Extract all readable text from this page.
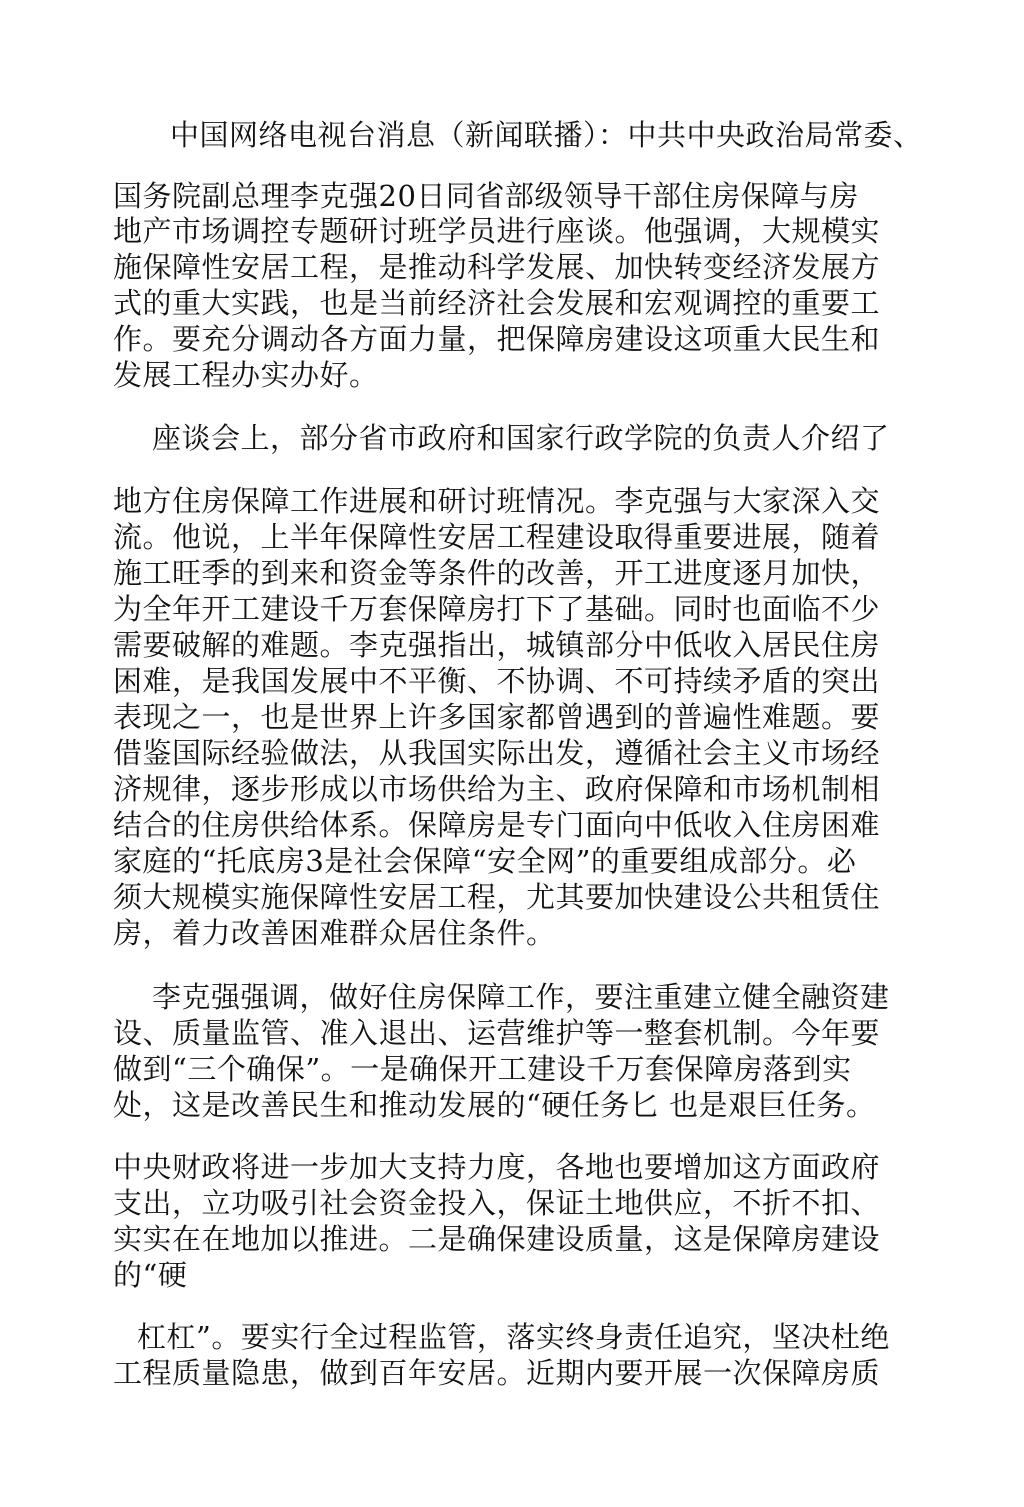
中国网络电视台消息（新闻联播）：中共中央政治局常委、
国务院副总理李克强20日同省部级领导干部住房保障与房
地产市场调控专题研讨班学员进行座谈。他强调，大规模实
施保障性安居工程，是推动科学发展、加快转变经济发展方
式的重大实践，也是当前经济社会发展和宏观调控的重要工
作。要充分调动各方面力量，把保障房建设这项重大民生和
发展工程办实办好。
座谈会上，部分省市政府和国家行政学院的负责人介绍了
地方住房保障工作进展和研讨班情况。李克强与大家深入交
流。他说，上半年保障性安居工程建设取得重要进展，随着
施工旺季的到来和资金等条件的改善，开工进度逐月加快，
为全年开工建设千万套保障房打下了基础。同时也面临不少
需要破解的难题。李克强指出，城镇部分中低收入居民住房
困难，是我国发展中不平衡、不协调、不可持续矛盾的突出
表现之一，也是世界上许多国家都曾遇到的普遍性难题。要
借鉴国际经验做法，从我国实际出发，遵循社会主义市场经
济规律，逐步形成以市场供给为主、政府保障和市场机制相
结合的住房供给体系。保障房是专门面向中低收入住房困难
家庭的“托底房3是社会保障“安全网”的重要组成部分。必
须大规模实施保障性安居工程，尤其要加快建设公共租赁住
房，着力改善困难群众居住条件。
李克强强调，做好住房保障工作，要注重建立健全融资建
设、质量监管、准入退出、运营维护等一整套机制。今年要
做到“三个确保”。一是确保开工建设千万套保障房落到实
处，这是改善民生和推动发展的“硬任务匕 也是艰巨任务。
中央财政将进一步加大支持力度，各地也要增加这方面政府
支出，立功吸引社会资金投入，保证土地供应，不折不扣、
实实在在地加以推进。二是确保建设质量，这是保障房建设
的“硬
杠杠”。要实行全过程监管，落实终身责任追究，坚决杜绝
工程质量隐患，做到百年安居。近期内要开展一次保障房质
